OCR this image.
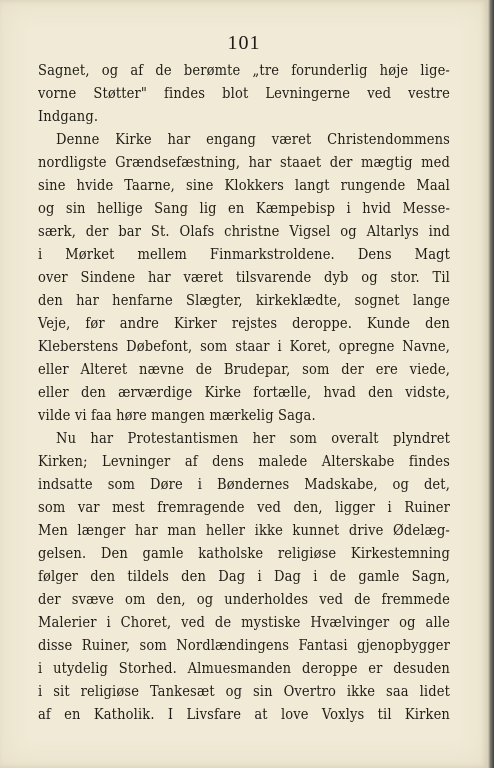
101
Sagnet, og af de berømte „tre forunderlig høje lige-
vorne Støtter" findes blot Levningerne ved vestre
Indgang.
Denne Kirke har engang været Christendommens
nordligste Grændsefæstning, har staaet der mægtig med
sine hvide Taarne, sine Klokkers langt rungende Maal
og sin hellige Sang lig en Kæmpebisp i hvid Messe-
særk, der bar St. Olafs christne Vigsel og Altarlys ind
i Mørket mellem Finmarkstroldene. Dens Magt
over Sindene har været tilsvarende dyb og stor. Til
den har henfarne Slægter, kirkeklædte, sognet lange
Veje, før andre Kirker rejstes deroppe. Kunde den
Kleberstens Døbefont, som staar i Koret, opregne Navne,
eller Alteret nævne de Brudepar, som der ere viede,
eller den ærværdige Kirke fortælle, hvad den vidste,
vilde vi faa høre mangen mærkelig Saga.
Nu har Protestantismen her som overalt plyndret
Kirken; Levninger af dens malede Alterskabe findes
indsatte som Døre i Bøndernes Madskabe, og det,
som var mest fremragende ved den, ligger i Ruiner
Men længer har man heller ikke kunnet drive Ødelæg-
gelsen. Den gamle katholske religiøse Kirkestemning
følger den tildels den Dag i Dag i de gamle Sagn,
der svæve om den, og underholdes ved de fremmede
Malerier i Choret, ved de mystiske Hvælvinger og alle
disse Ruiner, som Nordlændingens Fantasi gjenopbygger
i utydelig Storhed. Almuesmanden deroppe er desuden
i sit religiøse Tankesæt og sin Overtro ikke saa lidet
af en Katholik. I Livsfare at love Voxlys til Kirken
